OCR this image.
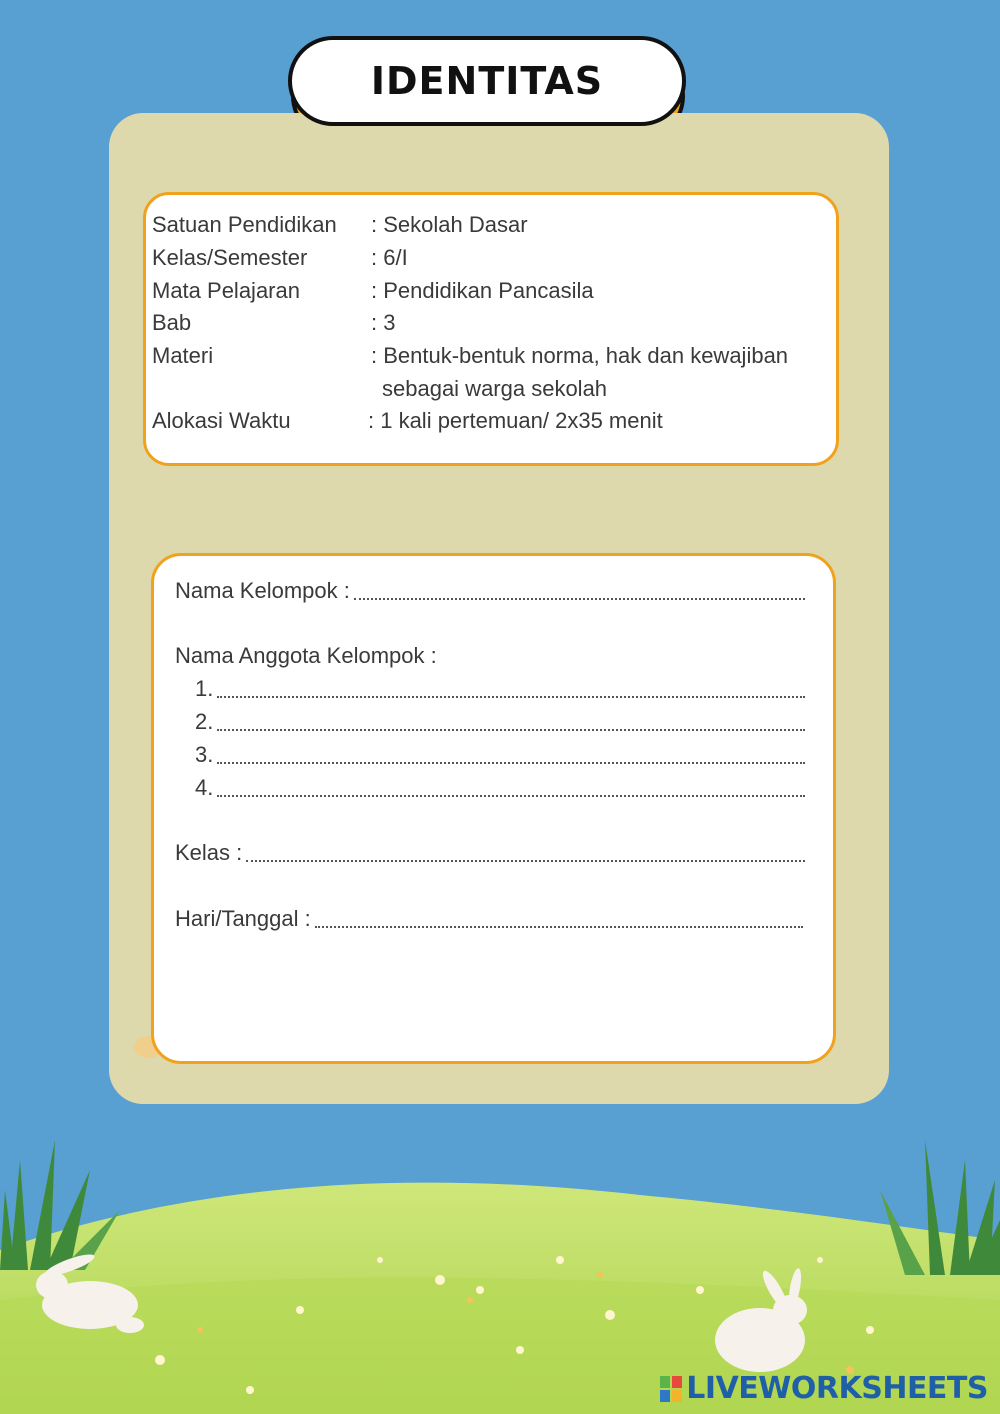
IDENTITAS
Satuan Pendidikan : Sekolah Dasar
Kelas/Semester	: 6/I
Mata Pelajaran	: Pendidikan Pancasila
Bab	: 3
Materi	: Bentuk-bentuk norma, hak dan kewajiban
sebagai warga sekolah
Alokasi Waktu	: 1 kali pertemuan/ 2x35 menit
Nama Kelompok :
Nama Anggota Kelompok :
1.
2.
3.
4.
Kelas :
Hari/Tanggal :
LIVEWORKSHEETS
